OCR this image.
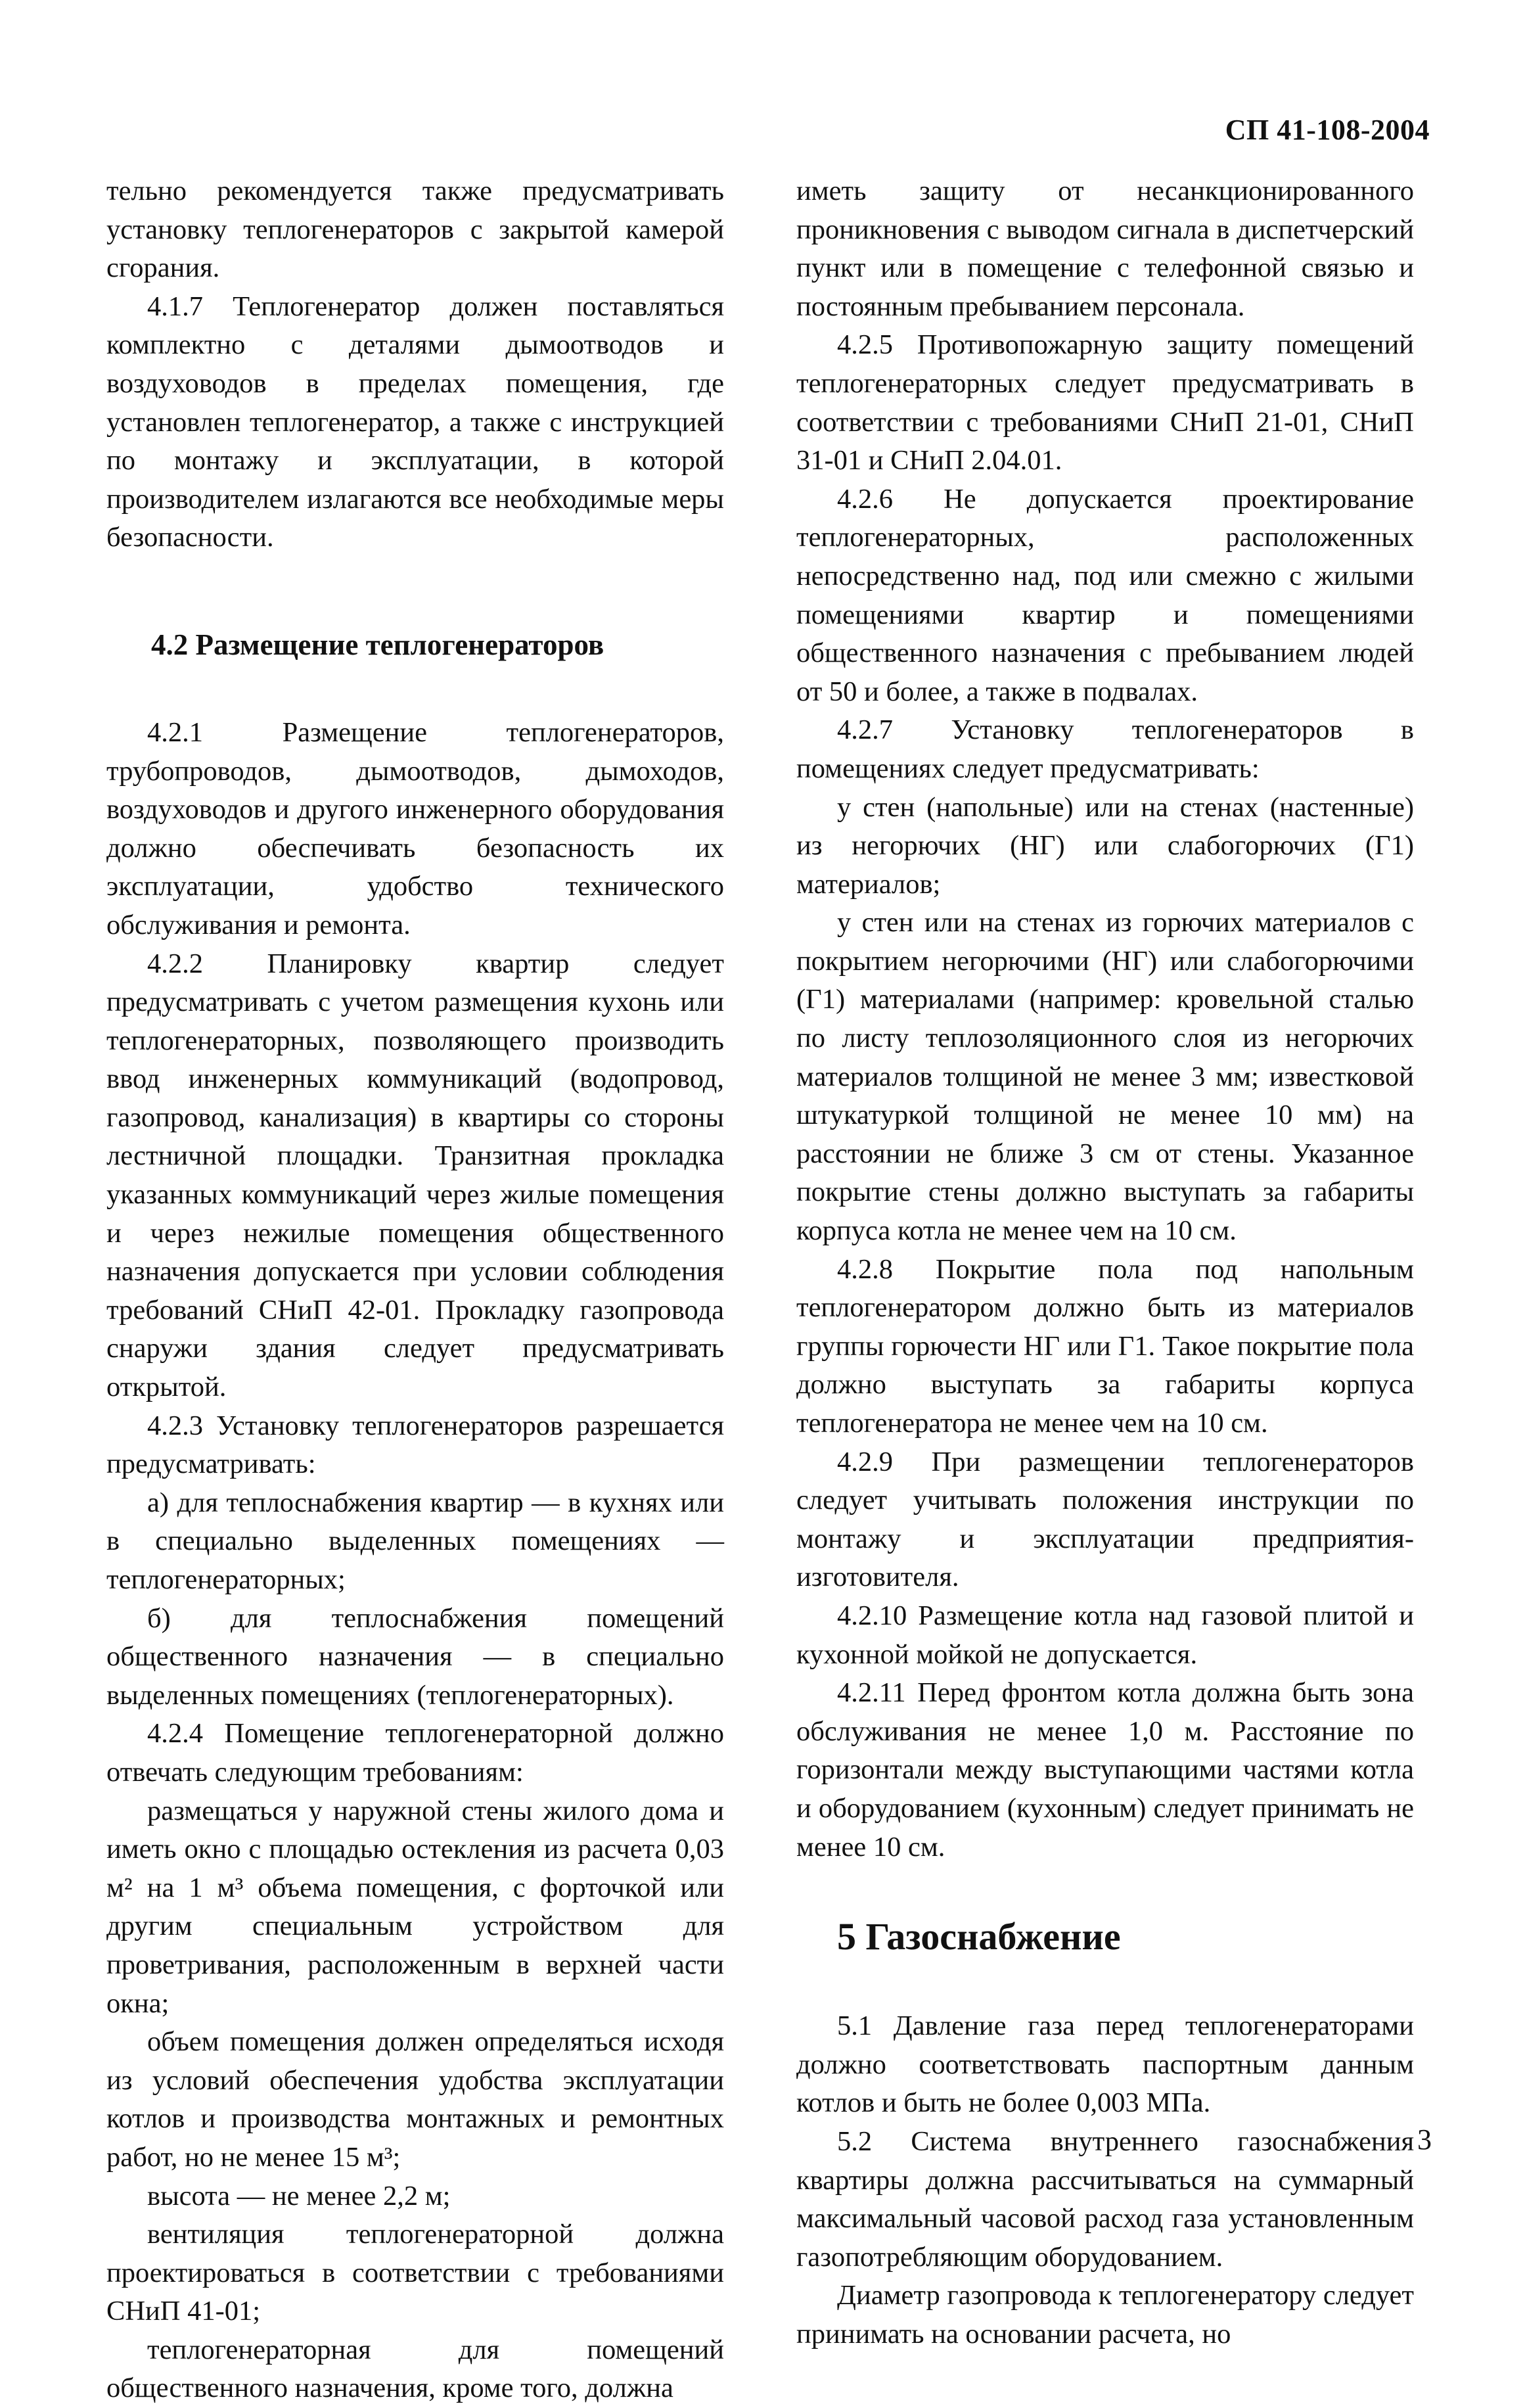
СП 41-108-2004

тельно рекомендуется также предусматривать установку теплогенераторов с закрытой камерой сгорания.

4.1.7 Теплогенератор должен поставляться комплектно с деталями дымоотводов и воздуховодов в пределах помещения, где установлен теплогенератор, а также с инструкцией по монтажу и эксплуатации, в которой производителем излагаются все необходимые меры безопасности.

4.2 Размещение теплогенераторов

4.2.1 Размещение теплогенераторов, трубопроводов, дымоотводов, дымоходов, воздуховодов и другого инженерного оборудования должно обеспечивать безопасность их эксплуатации, удобство технического обслуживания и ремонта.

4.2.2 Планировку квартир следует предусматривать с учетом размещения кухонь или теплогенераторных, позволяющего производить ввод инженерных коммуникаций (водопровод, газопровод, канализация) в квартиры со стороны лестничной площадки. Транзитная прокладка указанных коммуникаций через жилые помещения и через нежилые помещения общественного назначения допускается при условии соблюдения требований СНиП 42-01. Прокладку газопровода снаружи здания следует предусматривать открытой.

4.2.3 Установку теплогенераторов разрешается предусматривать:

а) для теплоснабжения квартир — в кухнях или в специально выделенных помещениях — теплогенераторных;

б) для теплоснабжения помещений общественного назначения — в специально выделенных помещениях (теплогенераторных).

4.2.4 Помещение теплогенераторной должно отвечать следующим требованиям:

размещаться у наружной стены жилого дома и иметь окно с площадью остекления из расчета 0,03 м² на 1 м³ объема помещения, с форточкой или другим специальным устройством для проветривания, расположенным в верхней части окна;

объем помещения должен определяться исходя из условий обеспечения удобства эксплуатации котлов и производства монтажных и ремонтных работ, но не менее 15 м³;

высота — не менее 2,2 м;

вентиляция теплогенераторной должна проектироваться в соответствии с требованиями СНиП 41-01;

теплогенераторная для помещений общественного назначения, кроме того, должна

иметь защиту от несанкционированного проникновения с выводом сигнала в диспетчерский пункт или в помещение с телефонной связью и постоянным пребыванием персонала.

4.2.5 Противопожарную защиту помещений теплогенераторных следует предусматривать в соответствии с требованиями СНиП 21-01, СНиП 31-01 и СНиП 2.04.01.

4.2.6 Не допускается проектирование теплогенераторных, расположенных непосредственно над, под или смежно с жилыми помещениями квартир и помещениями общественного назначения с пребыванием людей от 50 и более, а также в подвалах.

4.2.7 Установку теплогенераторов в помещениях следует предусматривать:

у стен (напольные) или на стенах (настенные) из негорючих (НГ) или слабогорючих (Г1) материалов;

у стен или на стенах из горючих материалов с покрытием негорючими (НГ) или слабогорючими (Г1) материалами (например: кровельной сталью по листу теплозоляционного слоя из негорючих материалов толщиной не менее 3 мм; известковой штукатуркой толщиной не менее 10 мм) на расстоянии не ближе 3 см от стены. Указанное покрытие стены должно выступать за габариты корпуса котла не менее чем на 10 см.

4.2.8 Покрытие пола под напольным теплогенератором должно быть из материалов группы горючести НГ или Г1. Такое покрытие пола должно выступать за габариты корпуса теплогенератора не менее чем на 10 см.

4.2.9 При размещении теплогенераторов следует учитывать положения инструкции по монтажу и эксплуатации предприятия-изготовителя.

4.2.10 Размещение котла над газовой плитой и кухонной мойкой не допускается.

4.2.11 Перед фронтом котла должна быть зона обслуживания не менее 1,0 м. Расстояние по горизонтали между выступающими частями котла и оборудованием (кухонным) следует принимать не менее 10 см.

5 Газоснабжение

5.1 Давление газа перед теплогенераторами должно соответствовать паспортным данным котлов и быть не более 0,003 МПа.

5.2 Система внутреннего газоснабжения квартиры должна рассчитываться на суммарный максимальный часовой расход газа установленным газопотребляющим оборудованием.

Диаметр газопровода к теплогенератору следует принимать на основании расчета, но

3
